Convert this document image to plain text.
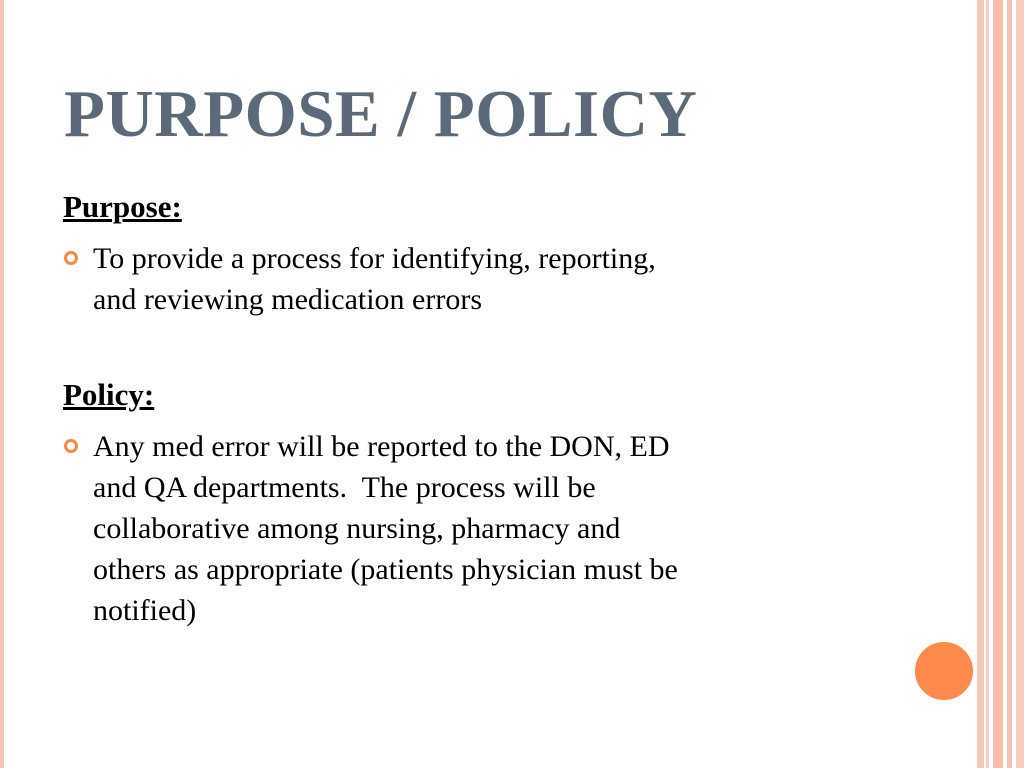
PURPOSE / POLICY
Purpose:

To provide a process for identifying, reporting,
and reviewing medication errors

Policy:

Any med error will be reported to the DON, ED
and QA departments.  The process will be
collaborative among nursing, pharmacy and
others as appropriate (patients physician must be
notified)
